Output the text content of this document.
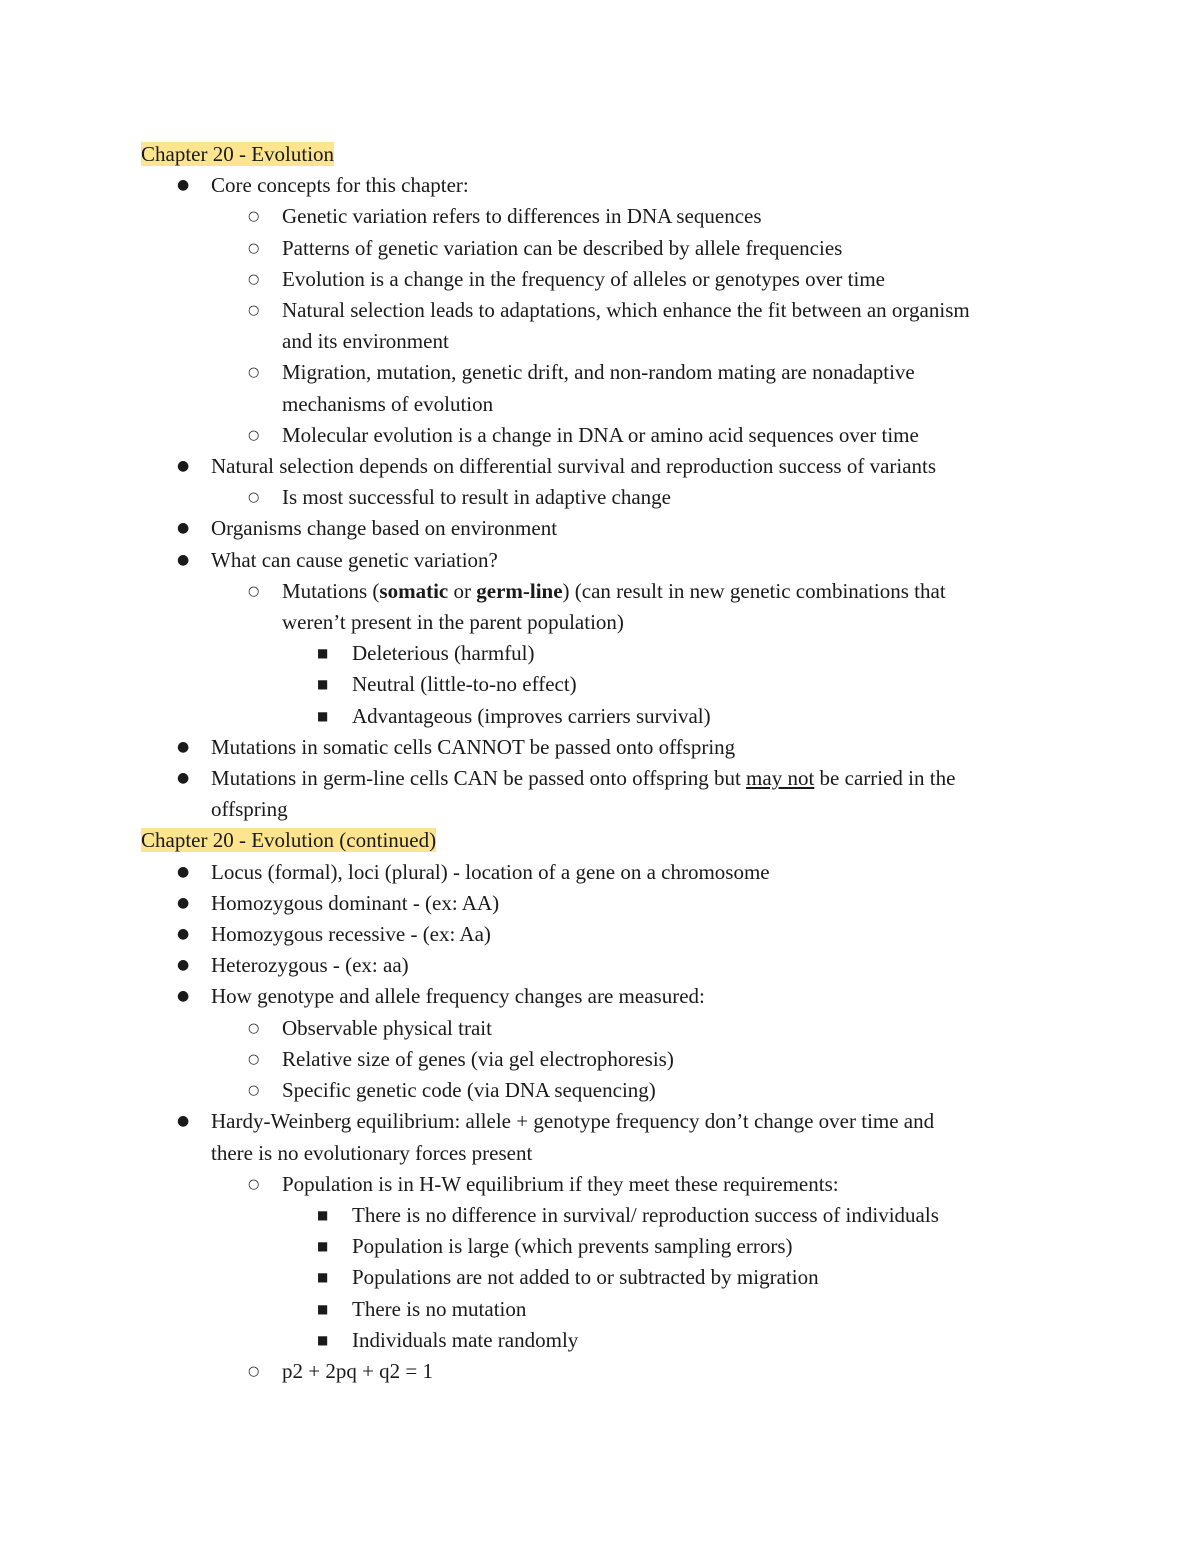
Chapter 20 - Evolution
● Core concepts for this chapter:
○ Genetic variation refers to differences in DNA sequences
○ Patterns of genetic variation can be described by allele frequencies
○ Evolution is a change in the frequency of alleles or genotypes over time
○ Natural selection leads to adaptations, which enhance the fit between an organism
and its environment
○ Migration, mutation, genetic drift, and non-random mating are nonadaptive
mechanisms of evolution
○ Molecular evolution is a change in DNA or amino acid sequences over time
● Natural selection depends on differential survival and reproduction success of variants
○ Is most successful to result in adaptive change
● Organisms change based on environment
● What can cause genetic variation?
○ Mutations (somatic or germ-line) (can result in new genetic combinations that
weren’t present in the parent population)
■ Deleterious (harmful)
■ Neutral (little-to-no effect)
■ Advantageous (improves carriers survival)
● Mutations in somatic cells CANNOT be passed onto offspring
● Mutations in germ-line cells CAN be passed onto offspring but may not be carried in the
offspring
Chapter 20 - Evolution (continued)
● Locus (formal), loci (plural) - location of a gene on a chromosome
● Homozygous dominant - (ex: AA)
● Homozygous recessive - (ex: Aa)
● Heterozygous - (ex: aa)
● How genotype and allele frequency changes are measured:
○ Observable physical trait
○ Relative size of genes (via gel electrophoresis)
○ Specific genetic code (via DNA sequencing)
● Hardy-Weinberg equilibrium: allele + genotype frequency don’t change over time and
there is no evolutionary forces present
○ Population is in H-W equilibrium if they meet these requirements:
■ There is no difference in survival/ reproduction success of individuals
■ Population is large (which prevents sampling errors)
■ Populations are not added to or subtracted by migration
■ There is no mutation
■ Individuals mate randomly
○ p2 + 2pq + q2 = 1
